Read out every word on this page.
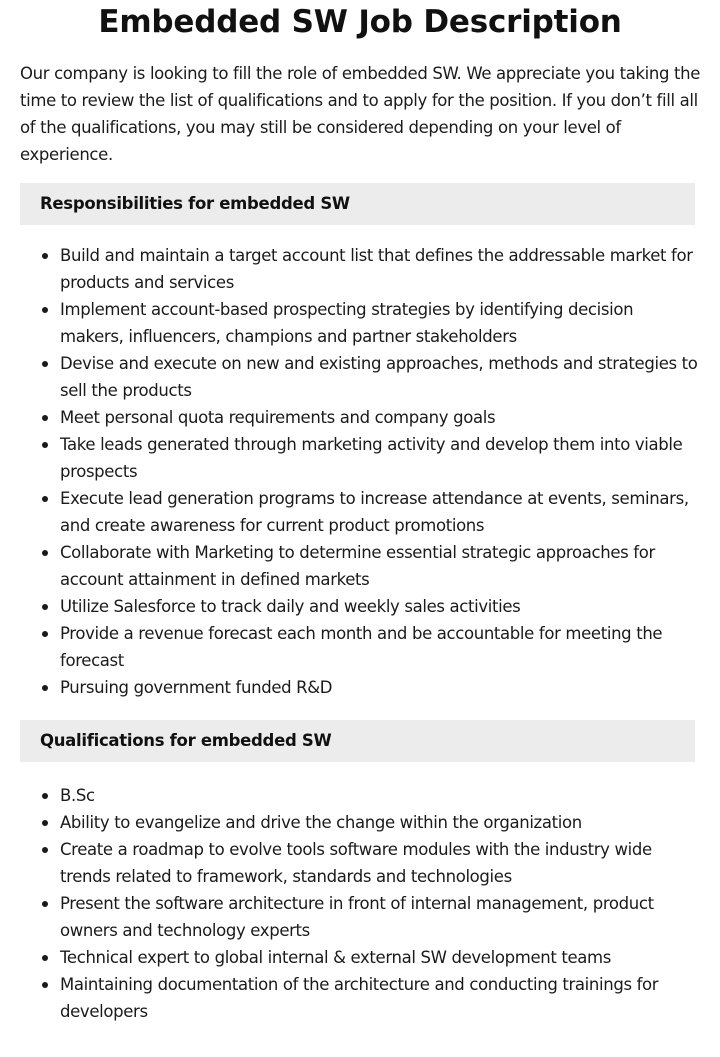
Embedded SW Job Description

Our company is looking to fill the role of embedded SW. We appreciate you taking the time to review the list of qualifications and to apply for the position. If you don’t fill all of the qualifications, you may still be considered depending on your level of experience.

Responsibilities for embedded SW
Build and maintain a target account list that defines the addressable market for products and services
Implement account-based prospecting strategies by identifying decision makers, influencers, champions and partner stakeholders
Devise and execute on new and existing approaches, methods and strategies to sell the products
Meet personal quota requirements and company goals
Take leads generated through marketing activity and develop them into viable prospects
Execute lead generation programs to increase attendance at events, seminars, and create awareness for current product promotions
Collaborate with Marketing to determine essential strategic approaches for account attainment in defined markets
Utilize Salesforce to track daily and weekly sales activities
Provide a revenue forecast each month and be accountable for meeting the forecast
Pursuing government funded R&D
Qualifications for embedded SW
B.Sc
Ability to evangelize and drive the change within the organization
Create a roadmap to evolve tools software modules with the industry wide trends related to framework, standards and technologies
Present the software architecture in front of internal management, product owners and technology experts
Technical expert to global internal & external SW development teams
Maintaining documentation of the architecture and conducting trainings for developers
